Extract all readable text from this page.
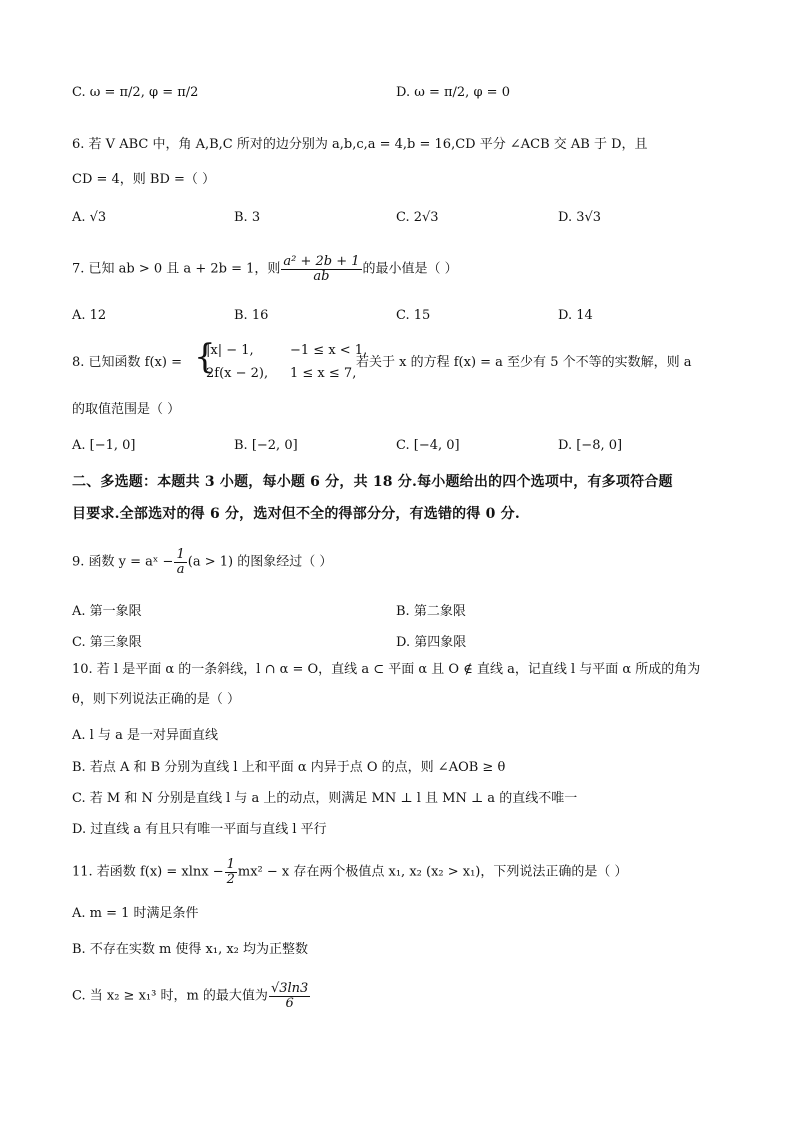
C. ω = π/2, φ = π/2	D. ω = π/2, φ = 0
6. 若 V ABC 中，角 A,B,C 所对的边分别为 a,b,c,a = 4,b = 16,CD 平分 ∠ACB 交 AB 于 D，且
CD = 4，则 BD =（ ）
A. √3	B. 3	C. 2√3	D. 3√3
7. 已知 ab > 0 且 a + 2b = 1，则 $\frac{\text{a² + 2b + 1}}{ab}$ 的最小值是（ ）
A. 12	B. 16	C. 15	D. 14
8. 已知函数 f(x) = {
|x| − 1,	−1 ≤ x < 1,
2f(x − 2), 1 ≤ x ≤ 7,
若关于 x 的方程 f(x) = a 至少有 5 个不等的实数解，则 a
的取值范围是（ ）
A. [−1, 0]	B. [−2, 0]	C. [−4, 0]	D. [−8, 0]
二、多选题：本题共 3 小题，每小题 6 分，共 18 分.每小题给出的四个选项中，有多项符合题
目要求.全部选对的得 6 分，选对但不全的得部分分，有选错的得 0 分.
9. 函数 y = aˣ − $\frac{1}{a} (a > 1)$ 的图象经过（ ）
A. 第一象限	B. 第二象限
C. 第三象限	D. 第四象限
10. 若 l 是平面 α 的一条斜线，l ∩ α = O，直线 a ⊂ 平面 α 且 O ∉ 直线 a，记直线 l 与平面 α 所成的角为
θ，则下列说法正确的是（ ）
A. l 与 a 是一对异面直线
B. 若点 A 和 B 分别为直线 l 上和平面 α 内异于点 O 的点，则 ∠AOB ≥ θ
C. 若 M 和 N 分别是直线 l 与 a 上的动点，则满足 MN ⊥ l 且 MN ⊥ a 的直线不唯一
D. 过直线 a 有且只有唯一平面与直线 l 平行
11. 若函数 $f(x) = xlnx - \frac{1}{2} mx^2 - x$ 存在两个极值点 x₁, x₂ (x₂ > x₁)，下列说法正确的是（ ）
A. m = 1 时满足条件
B. 不存在实数 m 使得 x₁, x₂ 均为正整数
C. 当 x₂ ≥ x₁³ 时，m 的最大值为 $\frac{√3\ln 3}{6}$
